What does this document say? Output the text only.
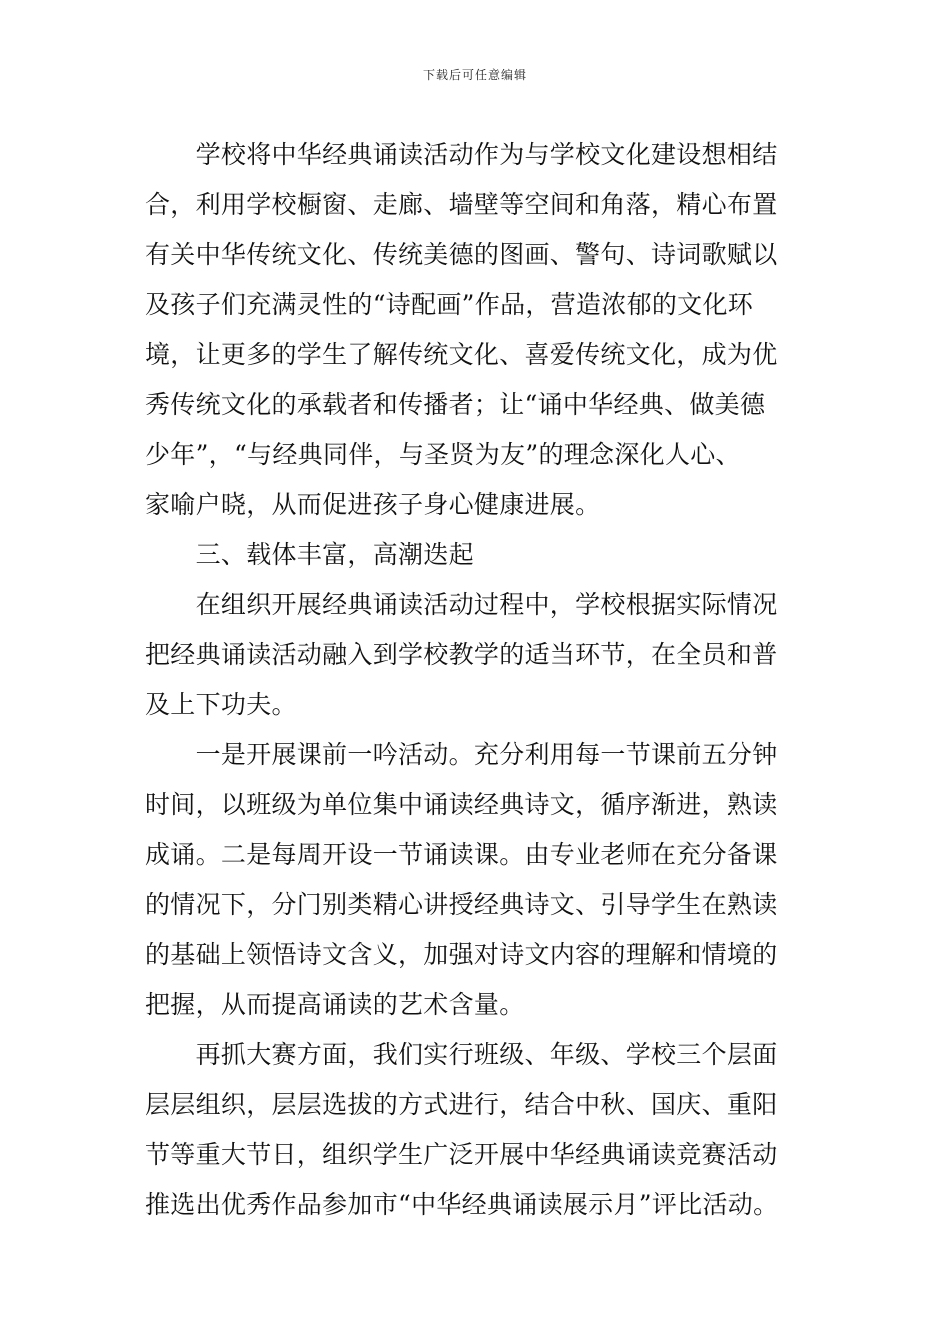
下载后可任意编辑
　　学校将中华经典诵读活动作为与学校文化建设想相结
合，利用学校橱窗、走廊、墙壁等空间和角落，精心布置
有关中华传统文化、传统美德的图画、警句、诗词歌赋以
及孩子们充满灵性的“诗配画”作品，营造浓郁的文化环
境，让更多的学生了解传统文化、喜爱传统文化，成为优
秀传统文化的承载者和传播者；让“诵中华经典、做美德
少年”，“与经典同伴，与圣贤为友”的理念深化人心、
家喻户晓，从而促进孩子身心健康进展。
　　三、载体丰富，高潮迭起
　　在组织开展经典诵读活动过程中，学校根据实际情况
把经典诵读活动融入到学校教学的适当环节，在全员和普
及上下功夫。
　　一是开展课前一吟活动。充分利用每一节课前五分钟
时间，以班级为单位集中诵读经典诗文，循序渐进，熟读
成诵。二是每周开设一节诵读课。由专业老师在充分备课
的情况下，分门别类精心讲授经典诗文、引导学生在熟读
的基础上领悟诗文含义，加强对诗文内容的理解和情境的
把握，从而提高诵读的艺术含量。
　　再抓大赛方面，我们实行班级、年级、学校三个层面
层层组织，层层选拔的方式进行，结合中秋、国庆、重阳
节等重大节日，组织学生广泛开展中华经典诵读竞赛活动
推选出优秀作品参加市“中华经典诵读展示月”评比活动。
